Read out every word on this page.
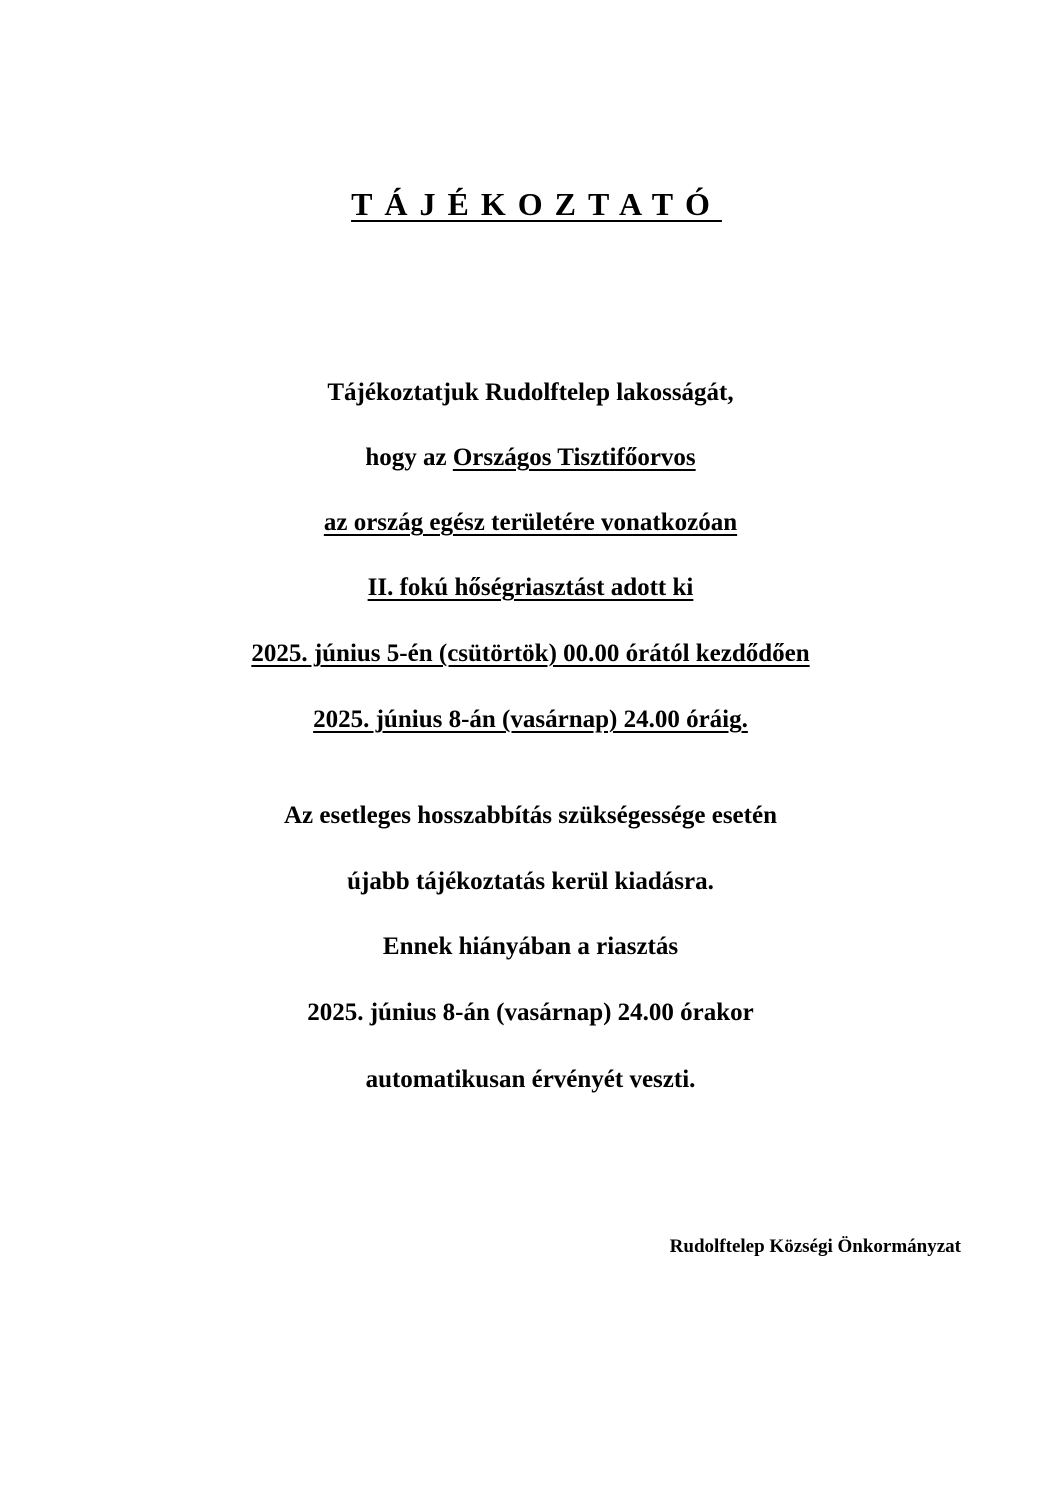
TÁJÉKOZTATÓ
Tájékoztatjuk Rudolftelep lakosságát,
hogy az Országos Tisztifőorvos
az ország egész területére vonatkozóan
II. fokú hőségriasztást adott ki
2025. június 5-én (csütörtök) 00.00 órától kezdődően
2025. június 8-án (vasárnap) 24.00 óráig.
Az esetleges hosszabbítás szükségessége esetén
újabb tájékoztatás kerül kiadásra.
Ennek hiányában a riasztás
2025. június 8-án (vasárnap) 24.00 órakor
automatikusan érvényét veszti.
Rudolftelep Községi Önkormányzat
